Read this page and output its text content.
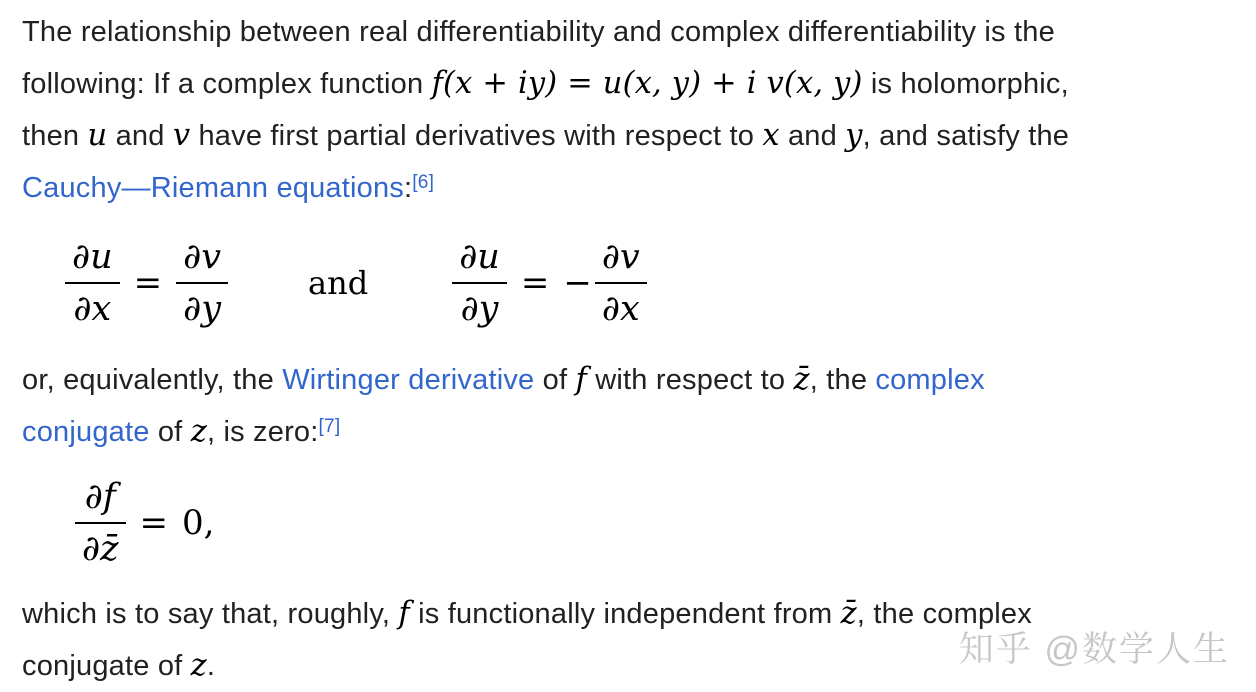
The relationship between real differentiability and complex differentiability is the
following: If a complex function f(x + iy) = u(x, y) + i v(x, y) is holomorphic,
then u and v have first partial derivatives with respect to x and y, and satisfy the
Cauchy—Riemann equations:[6]
$\frac{\partial u}{\partial x} = \frac{\partial v}{\partial y}$	and $\frac{\partial u}{\partial y}$ = − $\frac{\partial v}{\partial x}$
or, equivalently, the Wirtinger derivative of f with respect to z̄, the complex
conjugate of z, is zero:[7]
$\frac{\partial f}{\partial z̄} = 0$,
which is to say that, roughly, f is functionally independent from z̄, the complex
conjugate of z.	知乎 @数学人生
